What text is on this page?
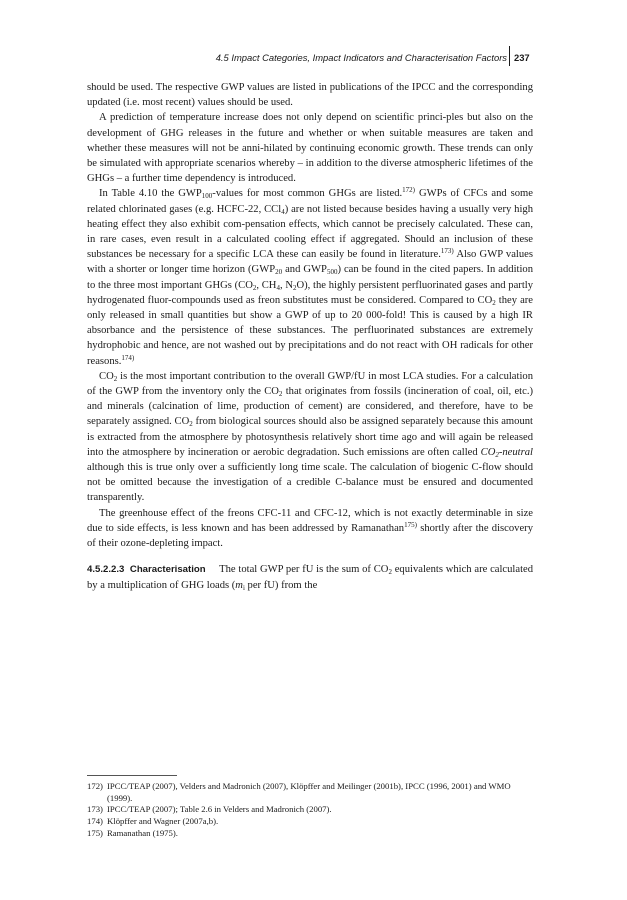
4.5 Impact Categories, Impact Indicators and Characterisation Factors 237

should be used. The respective GWP values are listed in publications of the IPCC and the corresponding updated (i.e. most recent) values should be used.

A prediction of temperature increase does not only depend on scientific princi-ples but also on the development of GHG releases in the future and whether or when suitable measures are taken and whether these measures will not be anni-hilated by continuing economic growth. These trends can only be simulated with appropriate scenarios whereby – in addition to the diverse atmospheric lifetimes of the GHGs – a further time dependency is introduced.

In Table 4.10 the $GWP_{100}$-values for most common GHGs are listed.$^{172)}$ GWPs of CFCs and some related chlorinated gases (e.g. HCFC-22, CCl$_4$) are not listed because besides having a usually very high heating effect they also exhibit com-pensation effects, which cannot be precisely calculated. These can, in rare cases, even result in a calculated cooling effect if aggregated. Should an inclusion of these substances be necessary for a specific LCA these can easily be found in literature.$^{173)}$ Also GWP values with a shorter or longer time horizon ($GWP_{20}$ and $GWP_{500}$) can be found in the cited papers. In addition to the three most important GHGs ($CO_2$, $CH_4$, $N_2O$), the highly persistent perfluorinated gases and partly hydrogenated fluor-compounds used as freon substitutes must be considered. Compared to $CO_2$ they are only released in small quantities but show a GWP of up to 20 000-fold! This is caused by a high IR absorbance and the persistence of these substances. The perfluorinated substances are extremely hydrophobic and hence, are not washed out by precipitations and do not react with OH radicals for other reasons.$^{174)}$

$CO_2$ is the most important contribution to the overall GWP/fU in most LCA studies. For a calculation of the GWP from the inventory only the $CO_2$ that originates from fossils (incineration of coal, oil, etc.) and minerals (calcination of lime, production of cement) are considered, and therefore, have to be separately assigned. $CO_2$ from biological sources should also be assigned separately because this amount is extracted from the atmosphere by photosynthesis relatively short time ago and will again be released into the atmosphere by incineration or aerobic degradation. Such emissions are often called $CO_2$-neutral although this is true only over a sufficiently long time scale. The calculation of biogenic C-flow should not be omitted because the investigation of a credible C-balance must be ensured and documented transparently.

The greenhouse effect of the freons CFC-11 and CFC-12, which is not exactly determinable in size due to side effects, is less known and has been addressed by Ramanathan$^{175)}$ shortly after the discovery of their ozone-depleting impact.

4.5.2.2.3 Characterisation The total GWP per fU is the sum of $CO_2$ equivalents which are calculated by a multiplication of GHG loads ($m_i$ per fU) from the

172) IPCC/TEAP (2007), Velders and Madronich (2007), Klöpffer and Meilinger (2001b), IPCC (1996, 2001) and WMO (1999).
173) IPCC/TEAP (2007); Table 2.6 in Velders and Madronich (2007).
174) Klöpffer and Wagner (2007a,b).
175) Ramanathan (1975).
